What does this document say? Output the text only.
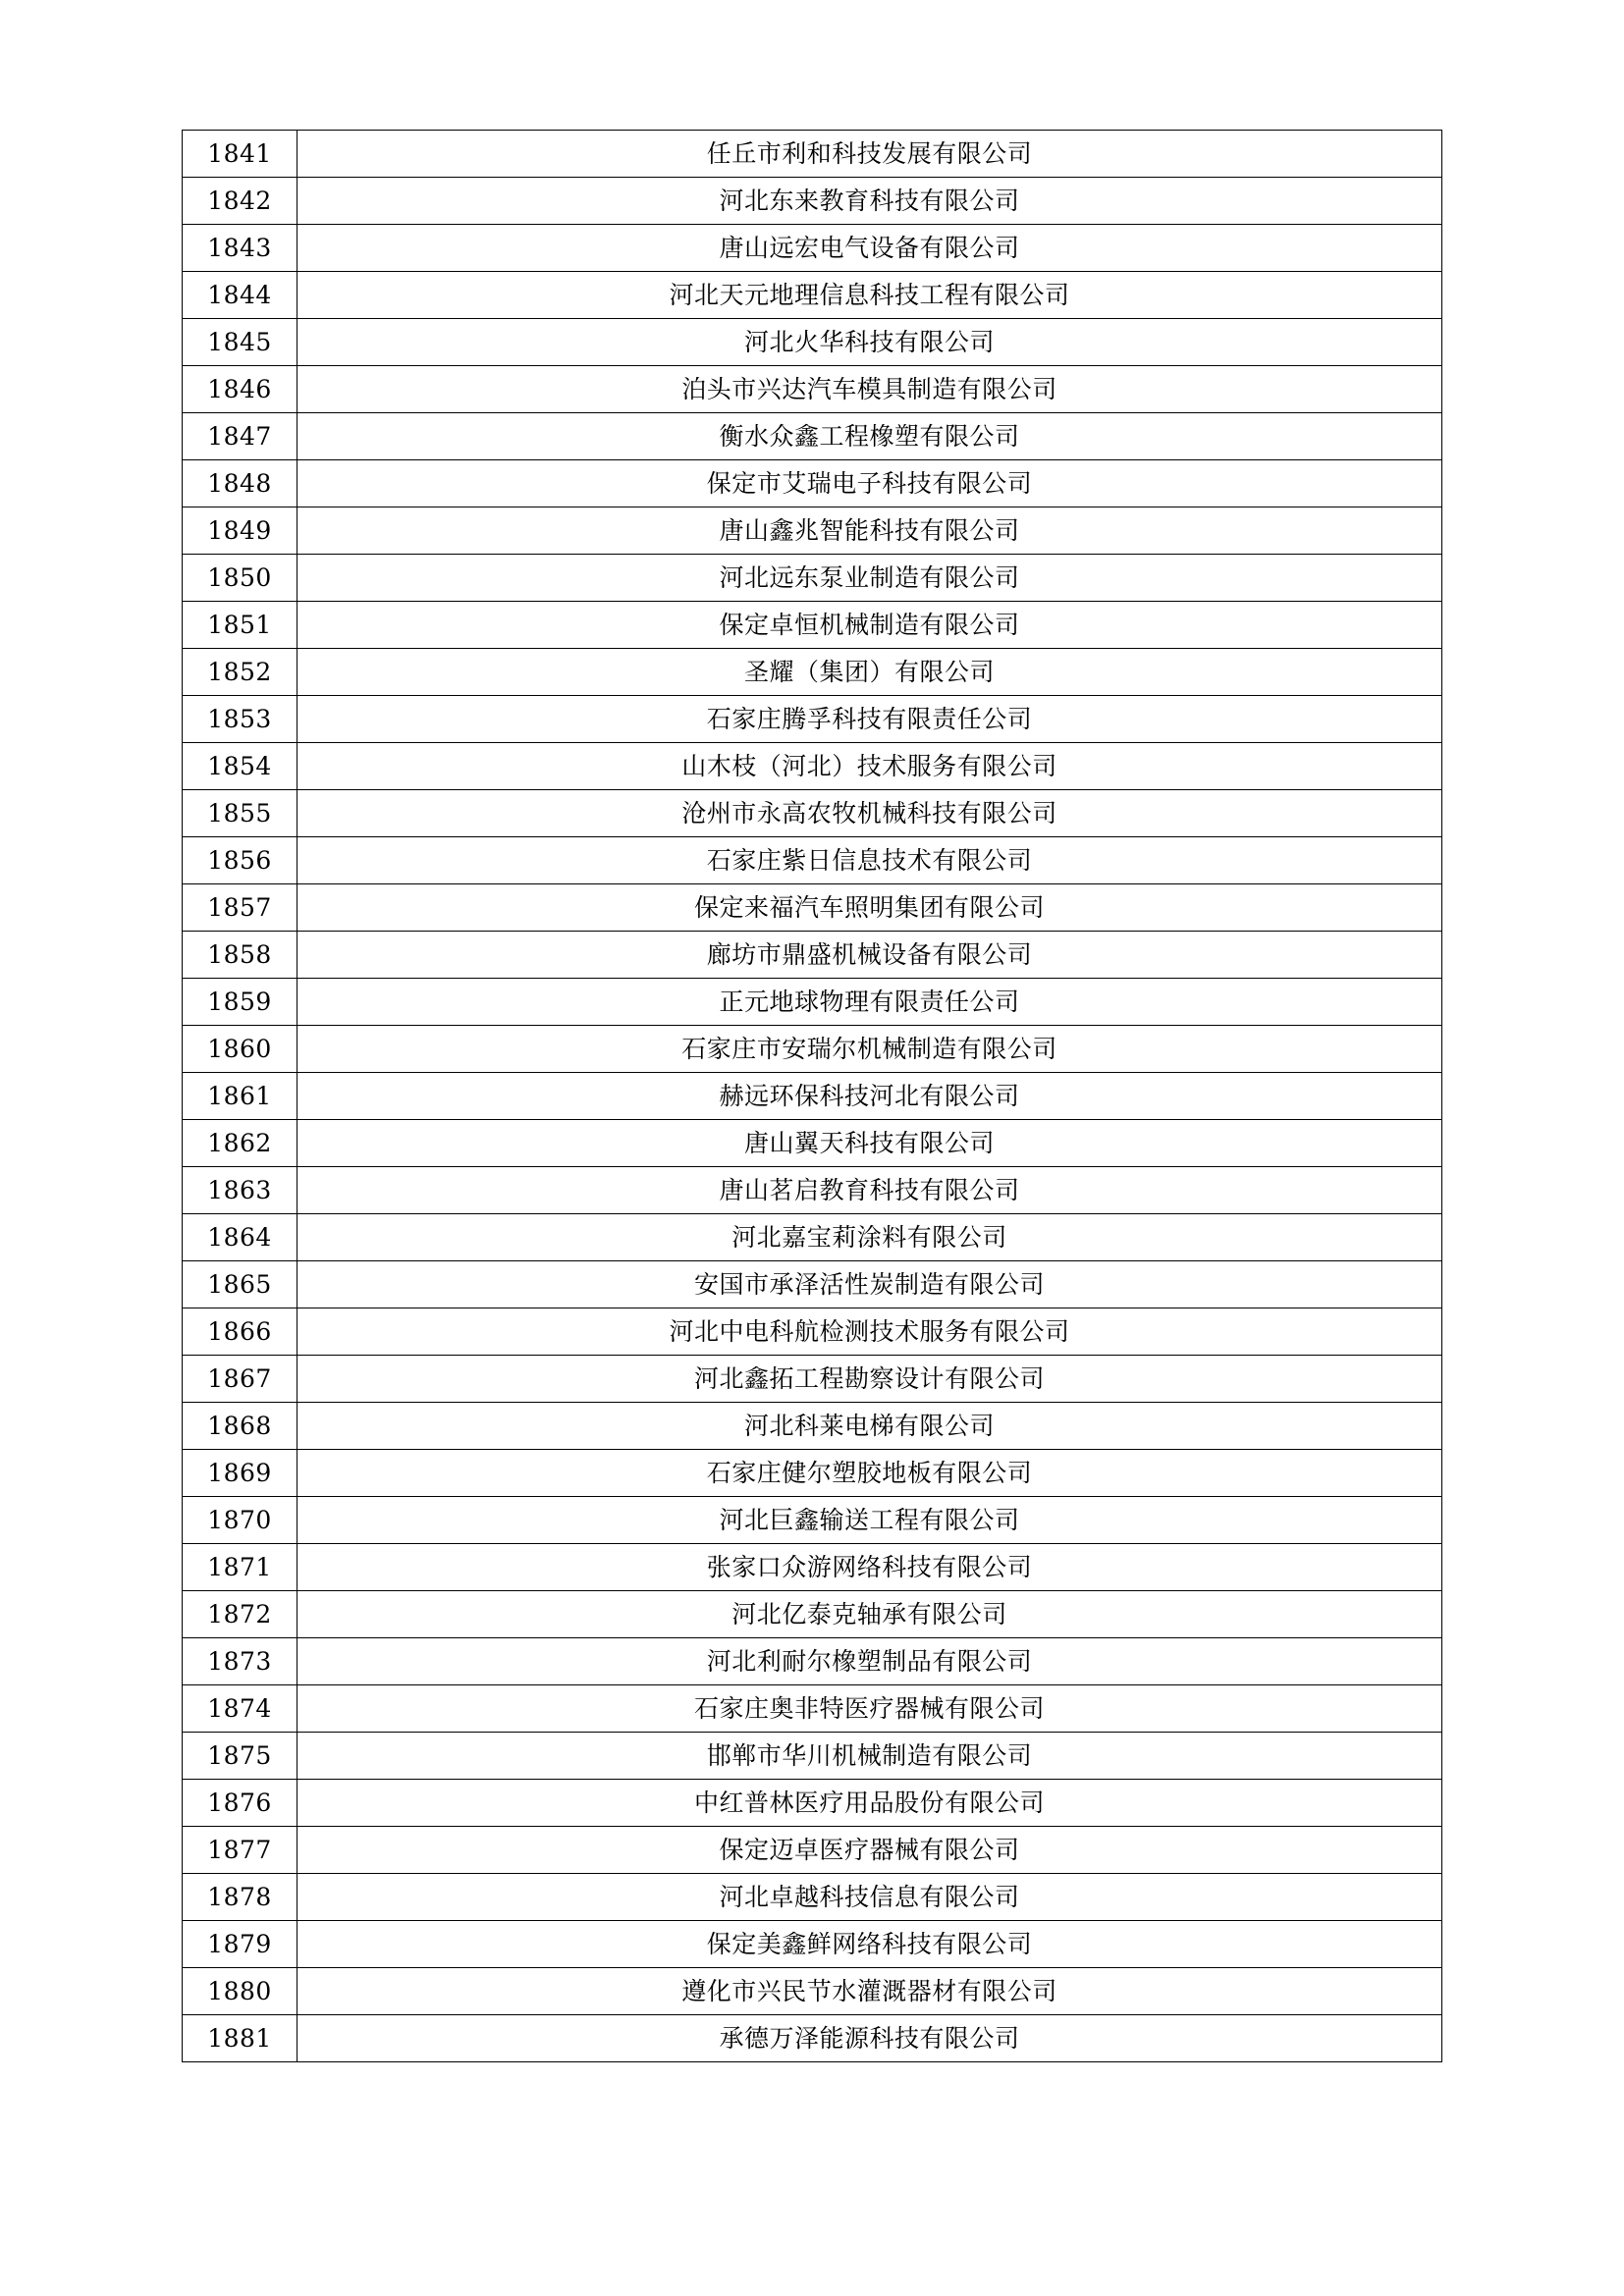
1841	任丘市利和科技发展有限公司
1842	河北东来教育科技有限公司
1843	唐山远宏电气设备有限公司
1844	河北天元地理信息科技工程有限公司
1845	河北火华科技有限公司
1846	泊头市兴达汽车模具制造有限公司
1847	衡水众鑫工程橡塑有限公司
1848	保定市艾瑞电子科技有限公司
1849	唐山鑫兆智能科技有限公司
1850	河北远东泵业制造有限公司
1851	保定卓恒机械制造有限公司
1852	圣耀（集团）有限公司
1853	石家庄腾孚科技有限责任公司
1854	山木枝（河北）技术服务有限公司
1855	沧州市永高农牧机械科技有限公司
1856	石家庄紫日信息技术有限公司
1857	保定来福汽车照明集团有限公司
1858	廊坊市鼎盛机械设备有限公司
1859	正元地球物理有限责任公司
1860	石家庄市安瑞尔机械制造有限公司
1861	赫远环保科技河北有限公司
1862	唐山翼天科技有限公司
1863	唐山茗启教育科技有限公司
1864	河北嘉宝莉涂料有限公司
1865	安国市承泽活性炭制造有限公司
1866	河北中电科航检测技术服务有限公司
1867	河北鑫拓工程勘察设计有限公司
1868	河北科莱电梯有限公司
1869	石家庄健尔塑胶地板有限公司
1870	河北巨鑫输送工程有限公司
1871	张家口众游网络科技有限公司
1872	河北亿泰克轴承有限公司
1873	河北利耐尔橡塑制品有限公司
1874	石家庄奥非特医疗器械有限公司
1875	邯郸市华川机械制造有限公司
1876	中红普林医疗用品股份有限公司
1877	保定迈卓医疗器械有限公司
1878	河北卓越科技信息有限公司
1879	保定美鑫鲜网络科技有限公司
1880	遵化市兴民节水灌溉器材有限公司
1881	承德万泽能源科技有限公司
